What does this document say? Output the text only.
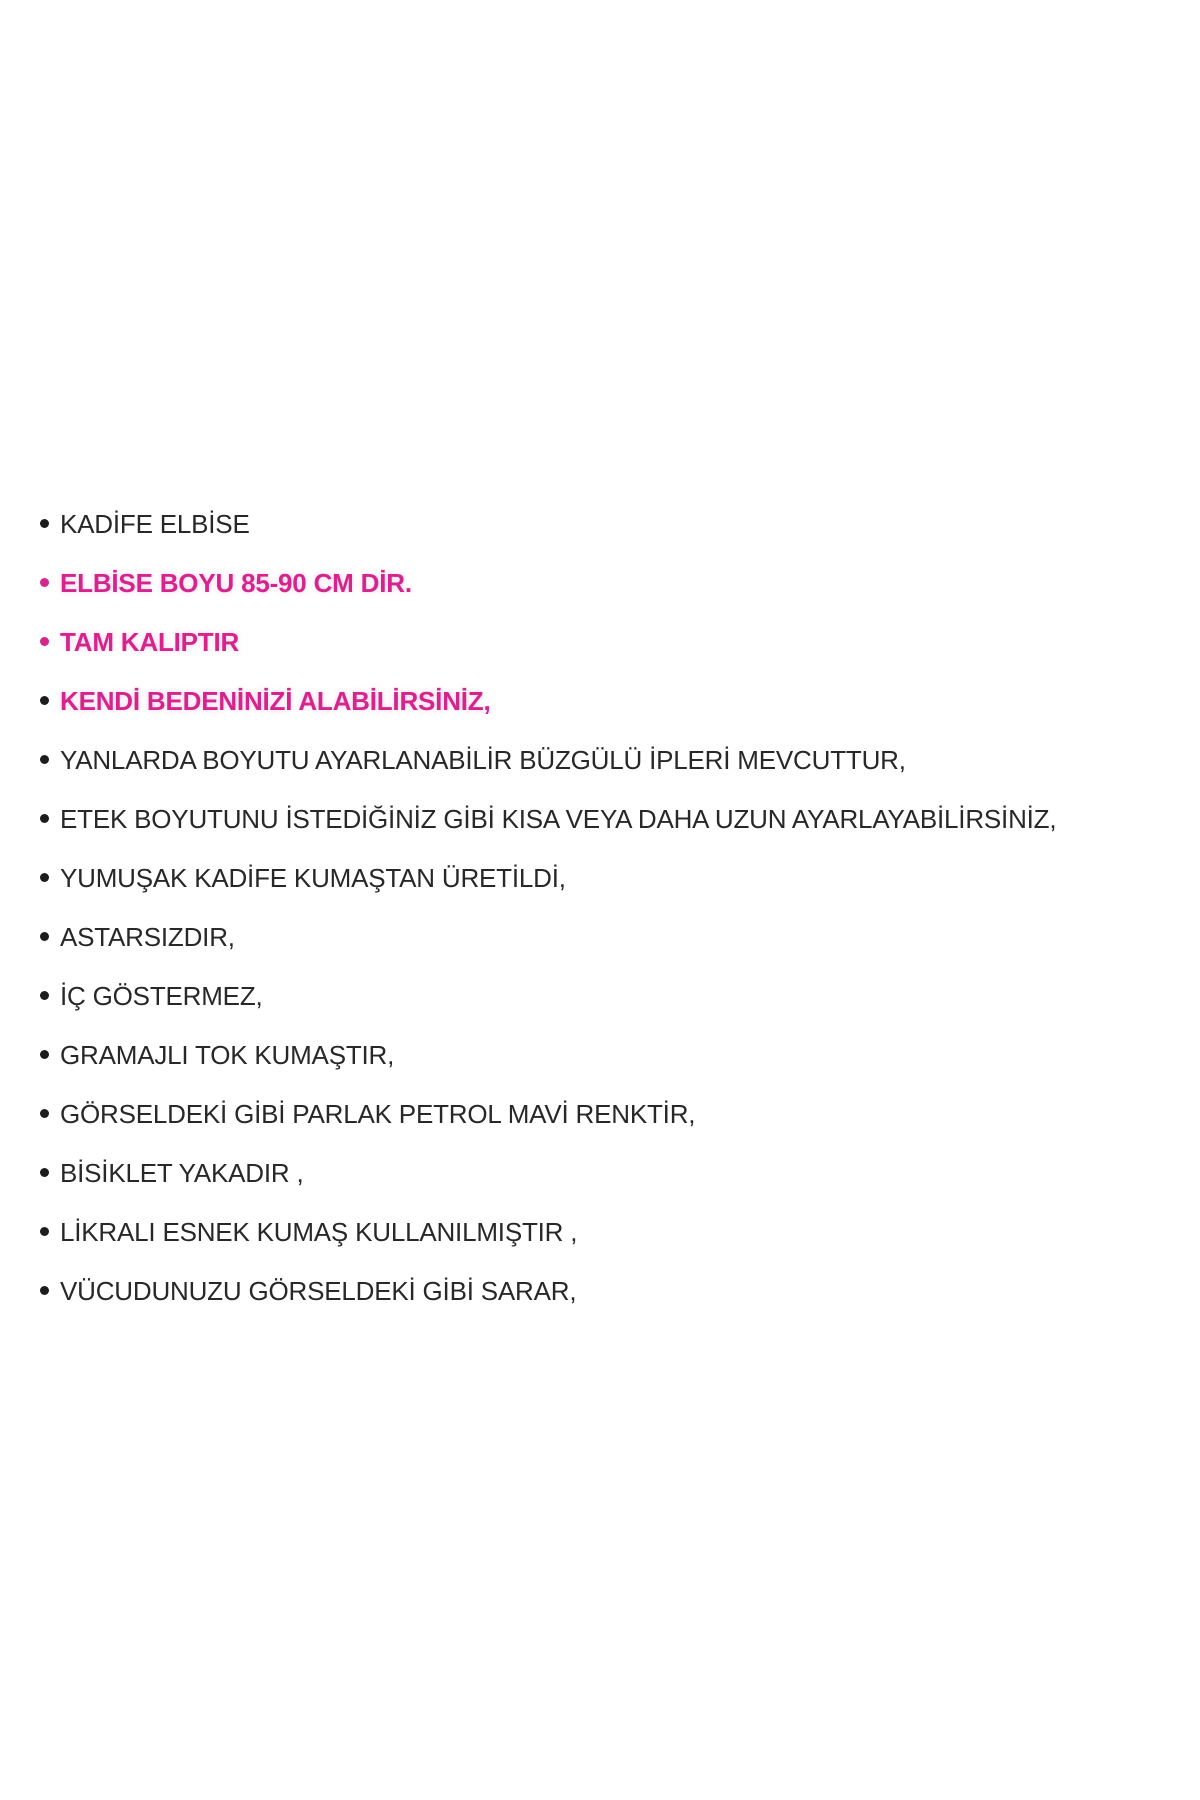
KADİFE ELBİSE
ELBİSE BOYU 85-90 CM DİR.
TAM KALIPTIR
KENDİ BEDENİNİZİ ALABİLİRSİNİZ,
YANLARDA BOYUTU AYARLANABİLİR BÜZGÜLÜ İPLERİ MEVCUTTUR,
ETEK BOYUTUNU İSTEDİĞİNİZ GİBİ KISA VEYA DAHA UZUN AYARLAYABİLİRSİNİZ,
YUMUŞAK KADİFE KUMAŞTAN ÜRETİLDİ,
ASTARSIZDIR,
İÇ GÖSTERMEZ,
GRAMAJLI TOK KUMAŞTIR,
GÖRSELDEKİ GİBİ PARLAK PETROL MAVİ RENKTİR,
BİSİKLET YAKADIR ,
LİKRALI ESNEK KUMAŞ KULLANILMIŞTIR ,
VÜCUDUNUZU GÖRSELDEKİ GİBİ SARAR,
